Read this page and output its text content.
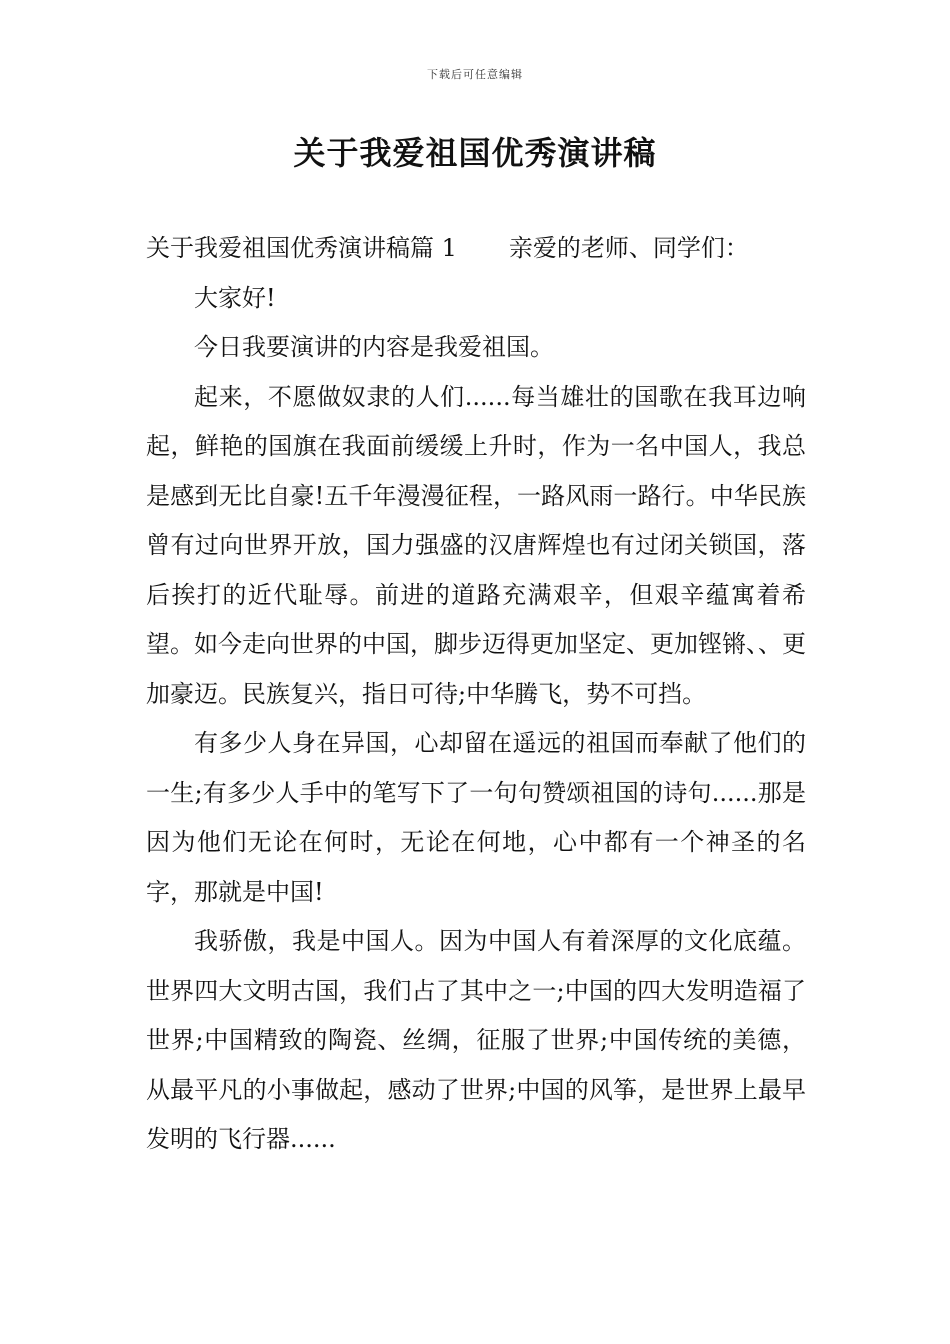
下载后可任意编辑
关于我爱祖国优秀演讲稿

关于我爱祖国优秀演讲稿篇 1 亲爱的老师、同学们：

大家好!

今日我要演讲的内容是我爱祖国。

起来，不愿做奴隶的人们......每当雄壮的国歌在我耳边响起，鲜艳的国旗在我面前缓缓上升时，作为一名中国人，我总是感到无比自豪!五千年漫漫征程，一路风雨一路行。中华民族曾有过向世界开放，国力强盛的汉唐辉煌也有过闭关锁国，落后挨打的近代耻辱。前进的道路充满艰辛，但艰辛蕴寓着希望。如今走向世界的中国，脚步迈得更加坚定、更加铿锵、、更加豪迈。民族复兴，指日可待;中华腾飞，势不可挡。

有多少人身在异国，心却留在遥远的祖国而奉献了他们的一生;有多少人手中的笔写下了一句句赞颂祖国的诗句......那是因为他们无论在何时，无论在何地，心中都有一个神圣的名字，那就是中国!

我骄傲，我是中国人。因为中国人有着深厚的文化底蕴。世界四大文明古国，我们占了其中之一;中国的四大发明造福了世界;中国精致的陶瓷、丝绸，征服了世界;中国传统的美德，从最平凡的小事做起，感动了世界;中国的风筝，是世界上最早发明的飞行器......
